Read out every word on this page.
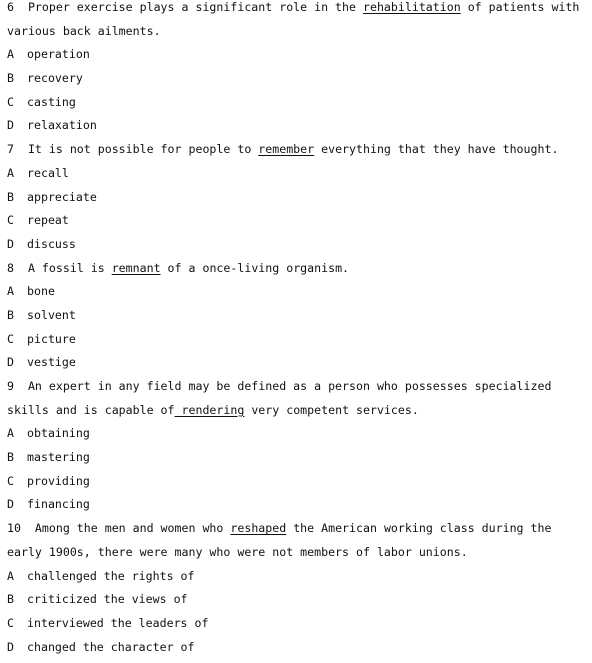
6  Proper exercise plays a significant role in the rehabilitation of patients with
various back ailments.
A operation
B recovery
C casting
D relaxation
7  It is not possible for people to remember everything that they have thought.
A recall
B appreciate
C repeat
D discuss
8  A fossil is remnant of a once-living organism.
A bone
B solvent
C picture
D vestige
9  An expert in any field may be defined as a person who possesses specialized
skills and is capable of rendering very competent services.
A obtaining
B mastering
C providing
D financing
10  Among the men and women who reshaped the American working class during the
early 1900s, there were many who were not members of labor unions.
A challenged the rights of
B criticized the views of
C interviewed the leaders of
D changed the character of
